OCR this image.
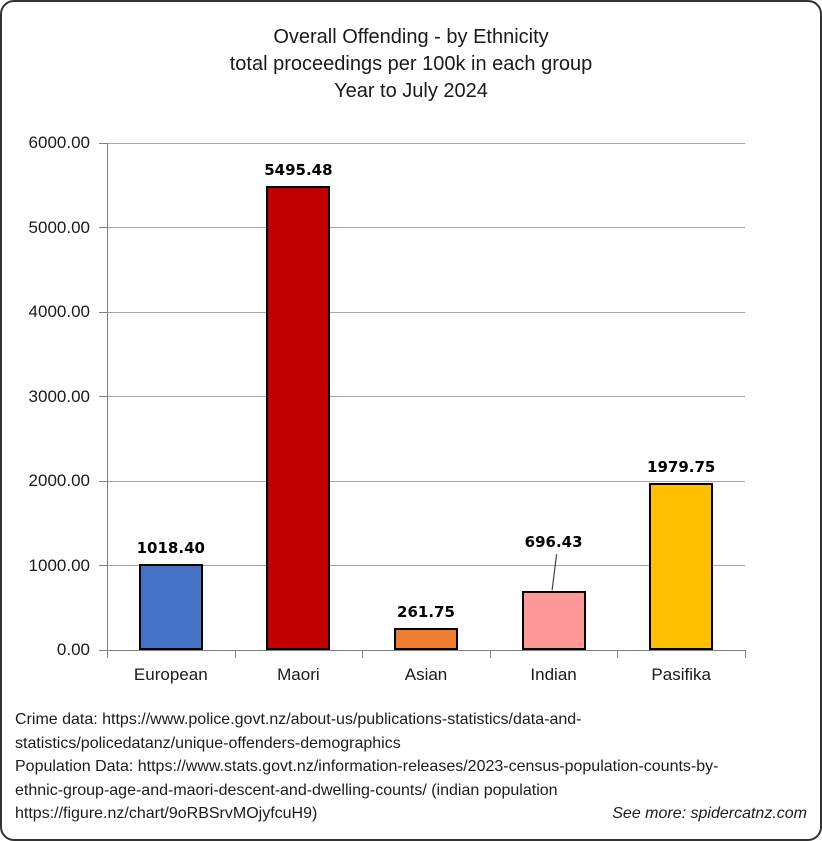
Overall Offending - by Ethnicity
total proceedings per 100k in each group
Year to July 2024
0.00
1000.00
2000.00
3000.00
4000.00
5000.00
6000.00
1018.40
European
5495.48
Maori
261.75
Asian
696.43
Indian
1979.75
Pasifika
Crime data: https://www.police.govt.nz/about-us/publications-statistics/data-and-
statistics/policedatanz/unique-offenders-demographics
Population Data: https://www.stats.govt.nz/information-releases/2023-census-population-counts-by-
ethnic-group-age-and-maori-descent-and-dwelling-counts/ (indian population
https://figure.nz/chart/9oRBSrvMOjyfcuH9)	See more: spidercatnz.com
